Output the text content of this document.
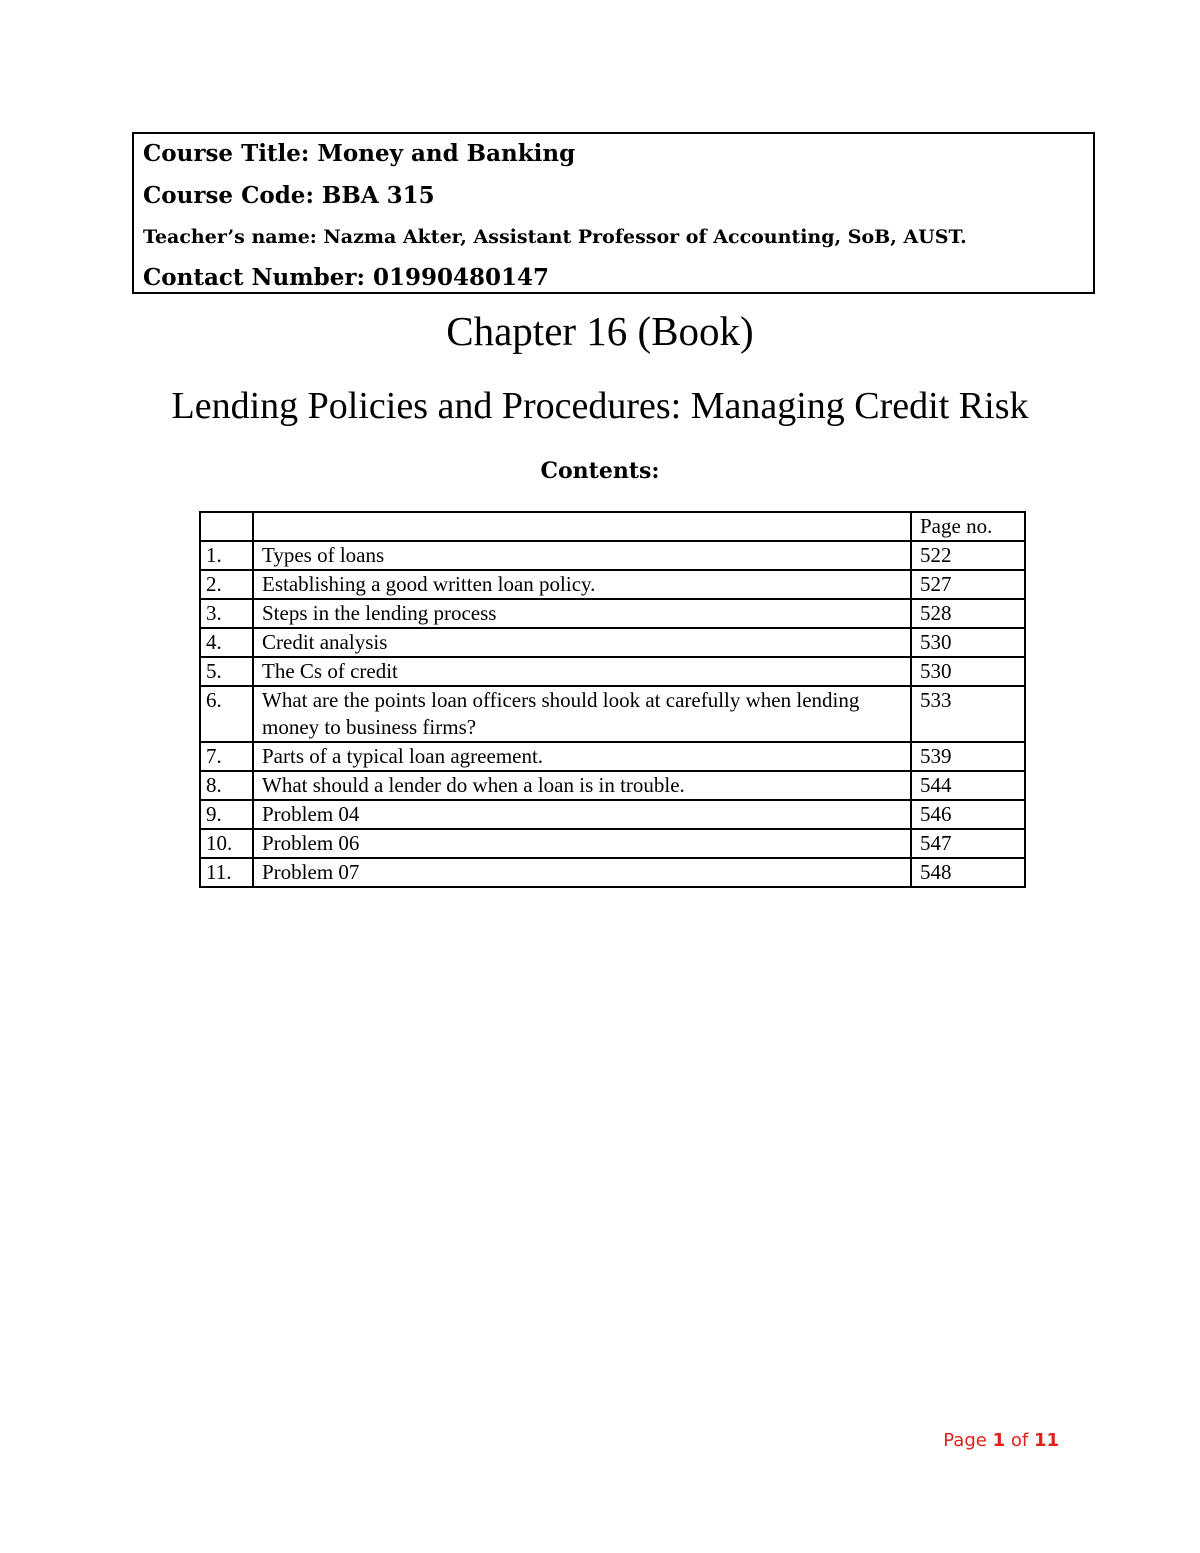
Course Title: Money and Banking
Course Code: BBA 315
Teacher’s name: Nazma Akter, Assistant Professor of Accounting, SoB, AUST.
Contact Number: 01990480147
Chapter 16 (Book)
Lending Policies and Procedures: Managing Credit Risk
Contents:
		Page no.
1.	Types of loans	522
2.	Establishing a good written loan policy.	527
3.	Steps in the lending process	528
4.	Credit analysis	530
5.	The Cs of credit	530
6.	What are the points loan officers should look at carefully when lending money to business firms?	533
7.	Parts of a typical loan agreement.	539
8.	What should a lender do when a loan is in trouble.	544
9.	Problem 04	546
10.	Problem 06	547
11.	Problem 07	548
Page 1 of 11
